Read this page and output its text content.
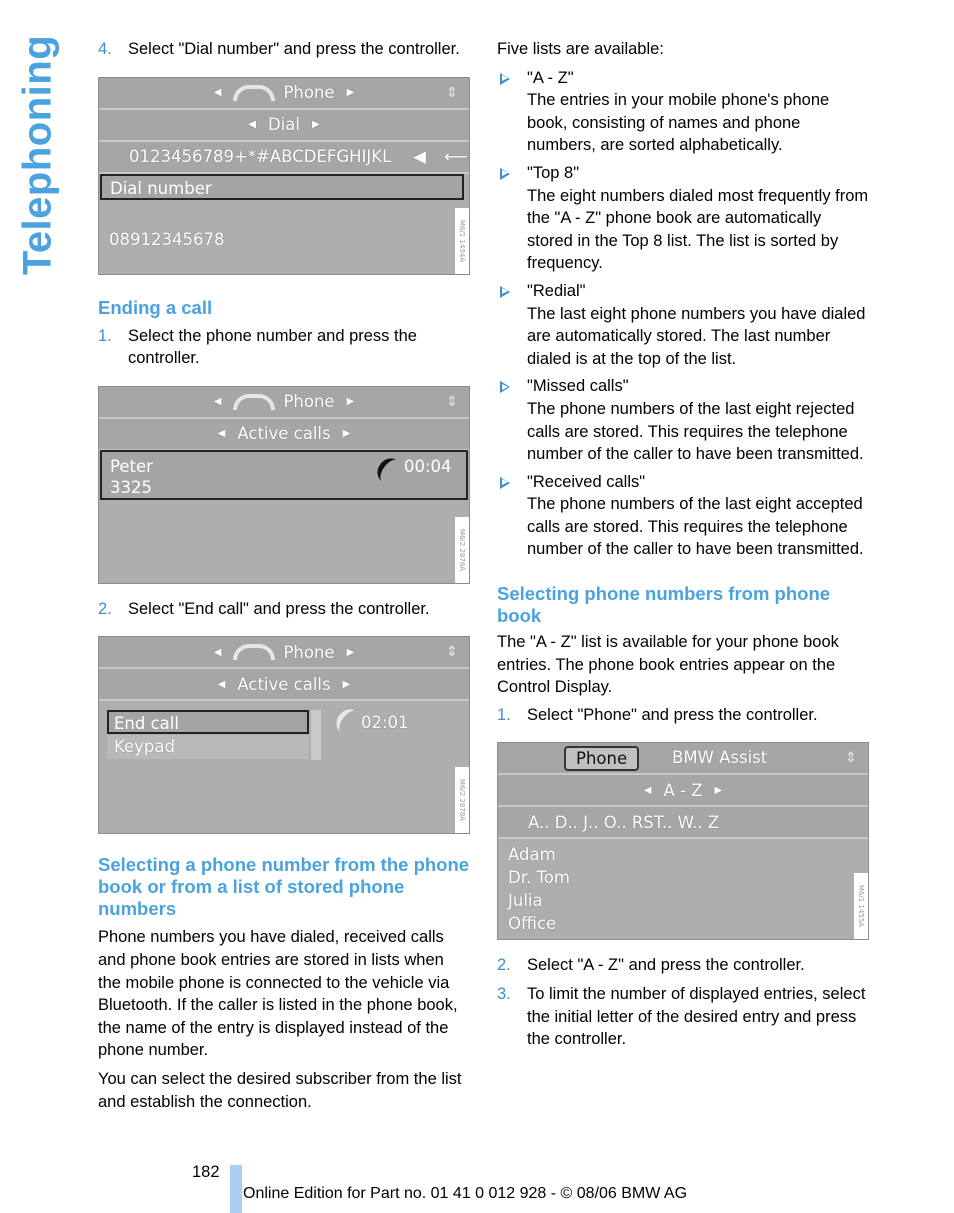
Telephoning 4. Select "Dial number" and press the controller.
◀	Phone ▶	⇕
◀ Dial ▶
0123456789+*#ABCDEFGHIJKL ◀ ⟵
Dial number
08912345678	M6/1 1454A
Ending a call
1. Select the phone number and press the controller.
◀	Phone ▶	⇕
◀ Active calls ▶
Peter
3325
00:04
M6/2 2876A
2. Select "End call" and press the controller.
◀	Phone ▶	⇕
◀ Active calls ▶
End call
Keypad
02:01
M6/2 2878A
Selecting a phone number from the phone book or from a list of stored phone numbers

Phone numbers you have dialed, received calls and phone book entries are stored in lists when the mobile phone is connected to the vehicle via Bluetooth. If the caller is listed in the phone book, the name of the entry is displayed instead of the phone number.

You can select the desired subscriber from the list and establish the connection.

Five lists are available:

"A - Z"
The entries in your mobile phone's phone book, consisting of names and phone numbers, are sorted alphabetically.
"Top 8"
The eight numbers dialed most frequently from the "A - Z" phone book are automatically stored in the Top 8 list. The list is sorted by frequency.
"Redial"
The last eight phone numbers you have dialed are automatically stored. The last number dialed is at the top of the list.
"Missed calls"
The phone numbers of the last eight rejected calls are stored. This requires the telephone number of the caller to have been transmitted.
"Received calls"
The phone numbers of the last eight accepted calls are stored. This requires the telephone number of the caller to have been transmitted.
Selecting phone numbers from phone book

The "A - Z" list is available for your phone book entries. The phone book entries appear on the Control Display.

1. Select "Phone" and press the controller.
Phone	BMW Assist	⇕
◀ A - Z ▶
A.. D.. J.. O.. RST.. W.. Z
Adam
Dr. Tom
Julia
Office	M6/1 1455A
2. Select "A - Z" and press the controller.
3. To limit the number of displayed entries, select the initial letter of the desired entry and press the controller.
182
Online Edition for Part no. 01 41 0 012 928 - © 08/06 BMW AG
